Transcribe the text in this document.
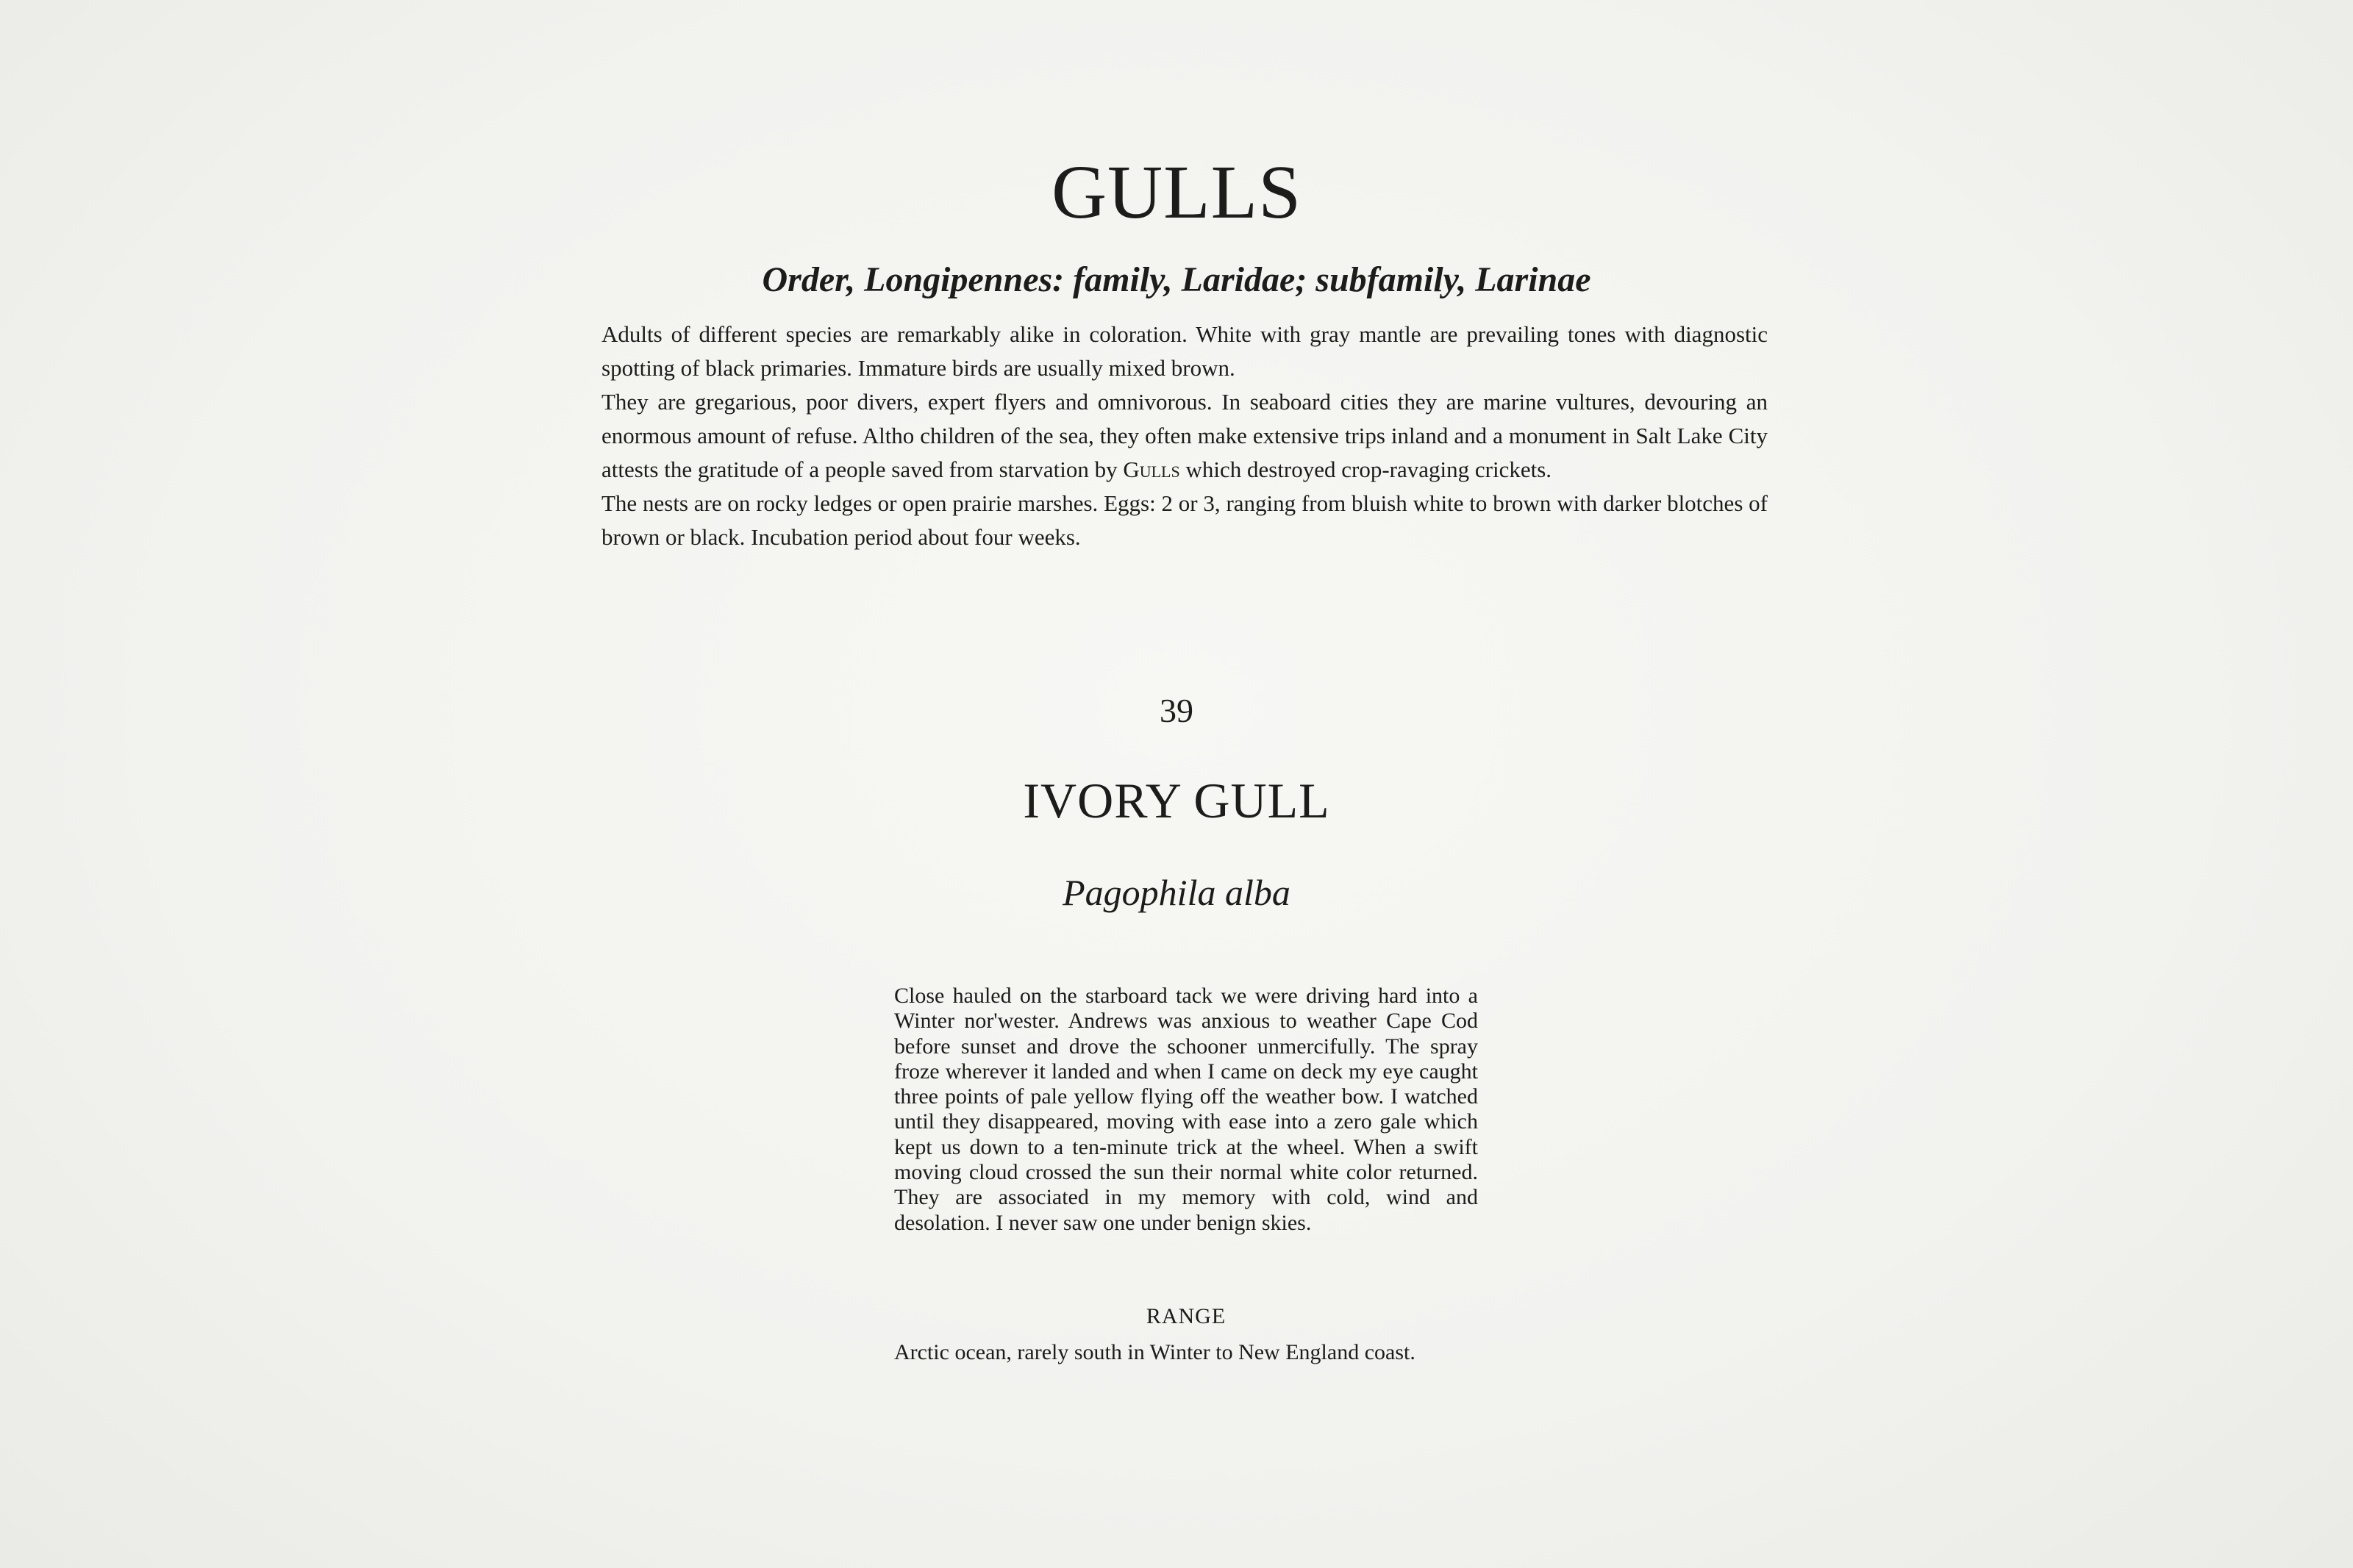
GULLS
Order, Longipennes: family, Laridae; subfamily, Larinae

Adults of different species are remarkably alike in coloration. White with gray mantle are prevailing tones with diagnostic spotting of black primaries. Immature birds are usually mixed brown.

They are gregarious, poor divers, expert flyers and omnivorous. In seaboard cities they are marine vultures, devouring an enormous amount of refuse. Altho children of the sea, they often make extensive trips inland and a monument in Salt Lake City attests the gratitude of a people saved from starvation by Gulls which destroyed crop-ravaging crickets.

The nests are on rocky ledges or open prairie marshes. Eggs: 2 or 3, ranging from bluish white to brown with darker blotches of brown or black. Incubation period about four weeks.

39
IVORY GULL
Pagophila alba

Close hauled on the starboard tack we were driving hard into a Winter nor'wester. Andrews was anxious to weather Cape Cod before sunset and drove the schooner unmercifully. The spray froze wherever it landed and when I came on deck my eye caught three points of pale yellow flying off the weather bow. I watched until they disappeared, moving with ease into a zero gale which kept us down to a ten-minute trick at the wheel. When a swift moving cloud crossed the sun their normal white color returned. They are associated in my memory with cold, wind and desolation. I never saw one under benign skies.

RANGE

Arctic ocean, rarely south in Winter to New England coast.
